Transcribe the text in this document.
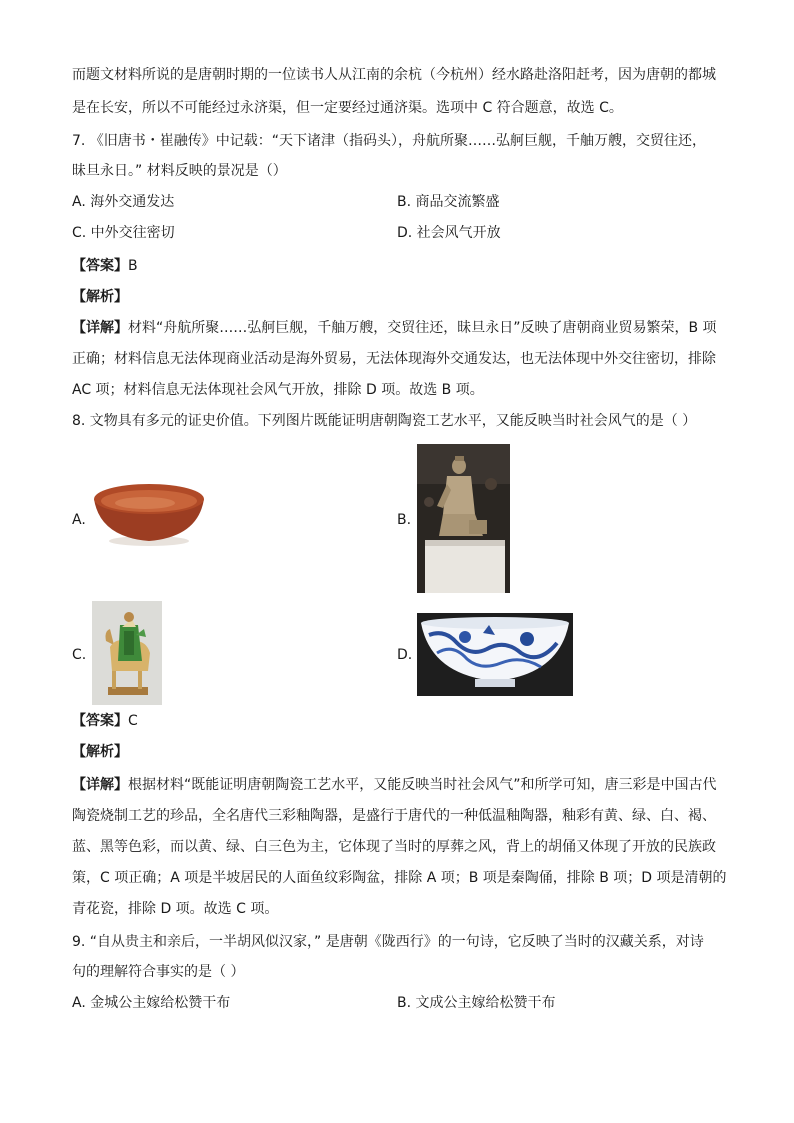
而题文材料所说的是唐朝时期的一位读书人从江南的余杭（今杭州）经水路赴洛阳赶考，因为唐朝的都城
是在长安，所以不可能经过永济渠，但一定要经过通济渠。选项中 C 符合题意，故选 C。
7. 《旧唐书・崔融传》中记载：“天下诸津（指码头），舟航所聚……弘舸巨舰，千舳万艘，交贸往还，
昧旦永日。” 材料反映的景况是（）
A. 海外交通发达	B. 商品交流繁盛
C. 中外交往密切	D. 社会风气开放
【答案】B
【解析】
【详解】材料“舟航所聚……弘舸巨舰，千舳万艘，交贸往还，昧旦永日”反映了唐朝商业贸易繁荣，B 项
正确；材料信息无法体现商业活动是海外贸易，无法体现海外交通发达，也无法体现中外交往密切，排除
AC 项；材料信息无法体现社会风气开放，排除 D 项。故选 B 项。
8. 文物具有多元的证史价值。下列图片既能证明唐朝陶瓷工艺水平，又能反映当时社会风气的是（ ）
A.	B.
C.	D.
【答案】C
【解析】
【详解】根据材料“既能证明唐朝陶瓷工艺水平，又能反映当时社会风气”和所学可知，唐三彩是中国古代
陶瓷烧制工艺的珍品，全名唐代三彩釉陶器，是盛行于唐代的一种低温釉陶器，釉彩有黄、绿、白、褐、
蓝、黑等色彩，而以黄、绿、白三色为主，它体现了当时的厚葬之风，背上的胡俑又体现了开放的民族政
策，C 项正确；A 项是半坡居民的人面鱼纹彩陶盆，排除 A 项；B 项是秦陶俑，排除 B 项；D 项是清朝的
青花瓷，排除 D 项。故选 C 项。
9. “自从贵主和亲后，一半胡风似汉家，” 是唐朝《陇西行》的一句诗，它反映了当时的汉藏关系，对诗
句的理解符合事实的是（ ）
A. 金城公主嫁给松赞干布	B. 文成公主嫁给松赞干布
